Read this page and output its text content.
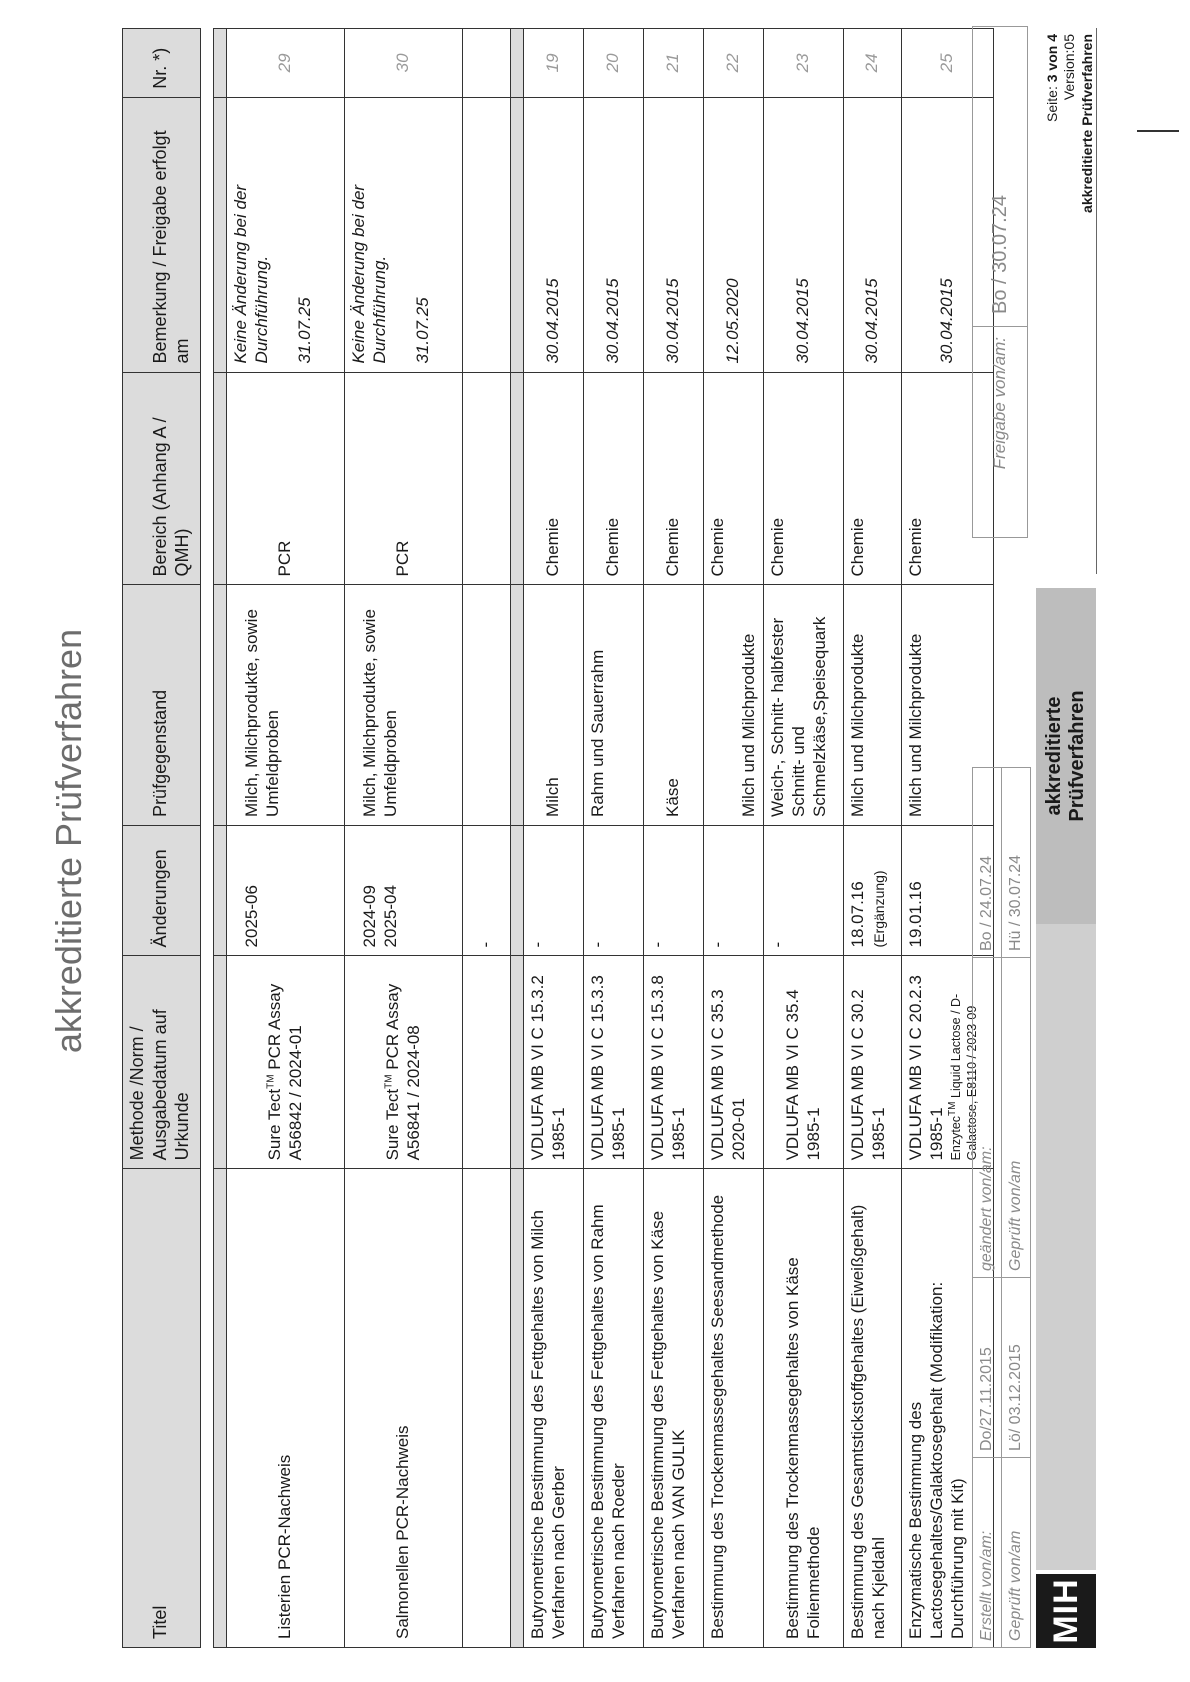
akkreditierte Prüfverfahren
Titel	Methode /Norm / Ausgabedatum auf Urkunde	Änderungen	Prüfgegenstand	Bereich (Anhang A / QMH)	Bemerkung / Freigabe erfolgt am	Nr. *)

Listerien PCR-Nachweis	Sure Tect™ PCR Assay A56842 / 2024-01	2025-06	Milch, Milchprodukte, sowie Umfeldproben	PCR	Keine Änderung bei der Durchführung. 31.07.25	29
Salmonellen PCR-Nachweis	Sure Tect™ PCR Assay A56841 / 2024-08	2024-09 2025-04	Milch, Milchprodukte, sowie Umfeldproben	PCR	Keine Änderung bei der Durchführung. 31.07.25	30
		-				

Butyrometrische Bestimmung des Fettgehaltes von Milch Verfahren nach Gerber	VDLUFA MB VI C 15.3.2 1985-1	-	Milch	Chemie	30.04.2015	19
Butyrometrische Bestimmung des Fettgehaltes von Rahm Verfahren nach Roeder	VDLUFA MB VI C 15.3.3 1985-1	-	Rahm und Sauerrahm	Chemie	30.04.2015	20
Butyrometrische Bestimmung des Fettgehaltes von Käse Verfahren nach VAN GULIK	VDLUFA MB VI C 15.3.8 1985-1	-	Käse	Chemie	30.04.2015	21
Bestimmung des Trockenmassegehaltes Seesandmethode	VDLUFA MB VI C 35.3 2020-01	-	Milch und Milchprodukte	Chemie	12.05.2020	22
Bestimmung des Trockenmassegehaltes von Käse Folienmethode	VDLUFA MB VI C 35.4 1985-1	-	Weich-, Schnitt- halbfester Schnitt- und Schmelzkäse,Speisequark	Chemie	30.04.2015	23
Bestimmung des Gesamtstickstoffgehaltes (Eiweißgehalt) nach Kjeldahl	VDLUFA MB VI C 30.2 1985-1	18.07.16 (Ergänzung)	Milch und Milchprodukte	Chemie	30.04.2015	24
Enzymatische Bestimmung des Lactosegehaltes/Galaktosegehalt (Modifikation: Durchführung mit Kit)	VDLUFA MB VI C 20.2.3 1985-1 Enzytec™ Liquid Lactose / D-Galactose, E8110 / 2023-09	19.01.16	Milch und Milchprodukte	Chemie	30.04.2015	25
Erstellt von/am:	Do/27.11.2015	geändert von/am:	Bo / 24.07.24	
Geprüft von/am	Lö/ 03.12.2015	Geprüft von/am	Hü / 30.07.24	
Freigabe von/am:
Bo / 30.07.24
MIH
akkreditierte Prüfverfahren
Seite: 3 von 4 Version:05 akkreditierte Prüfverfahren
